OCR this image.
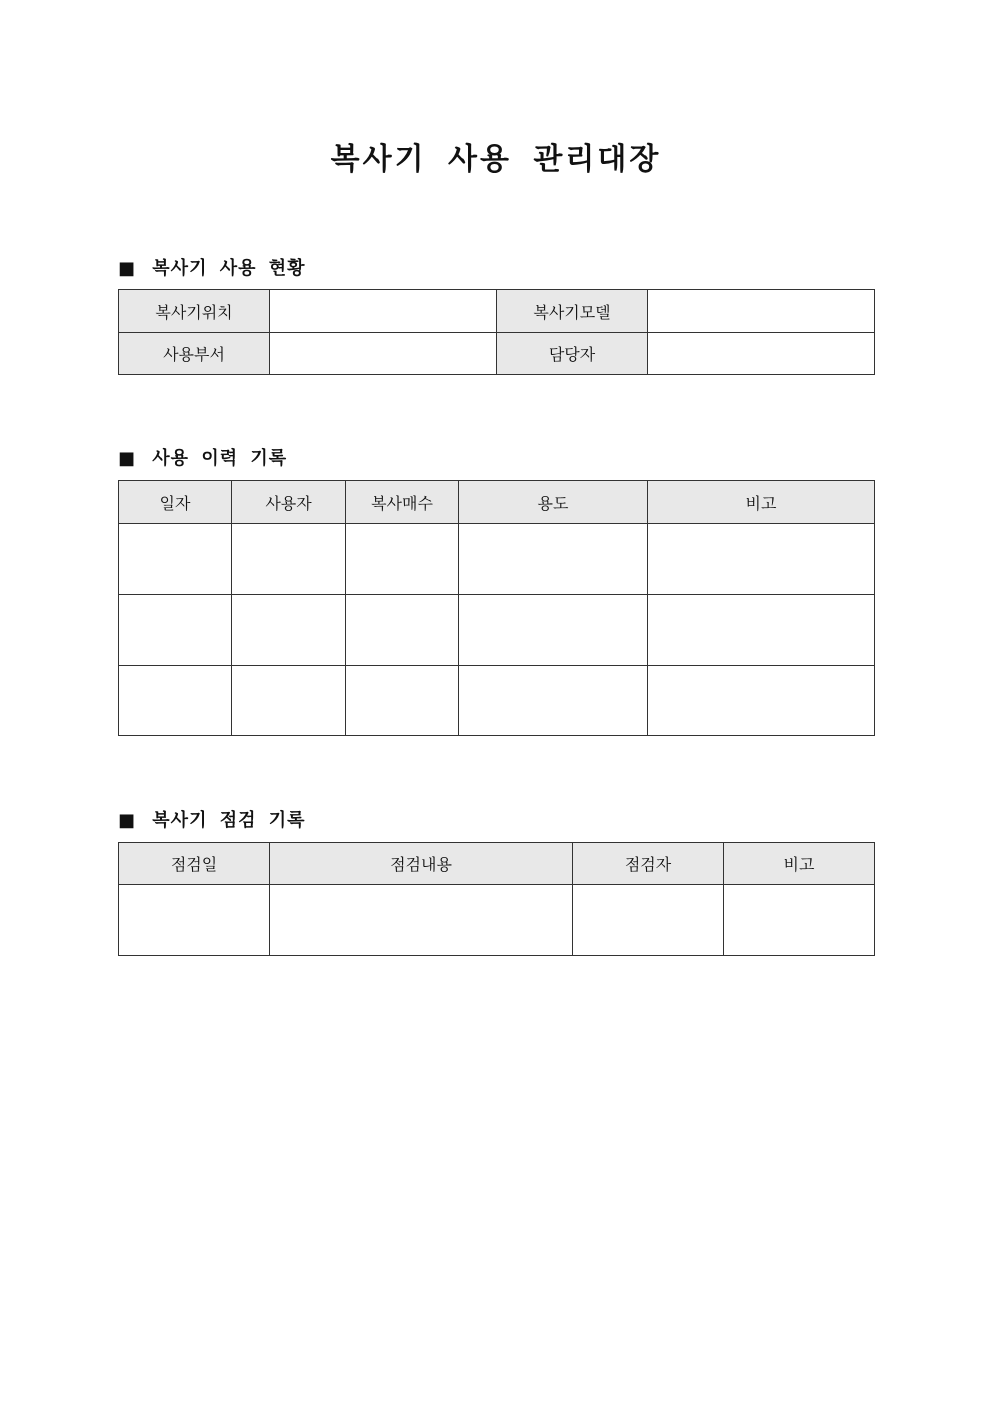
복사기 사용 관리대장
■ 복사기 사용 현황
복사기위치		복사기모델	
사용부서		담당자	
■ 사용 이력 기록
일자	사용자	복사매수	용도	비고

■ 복사기 점검 기록
점검일	점검내용	점검자	비고
